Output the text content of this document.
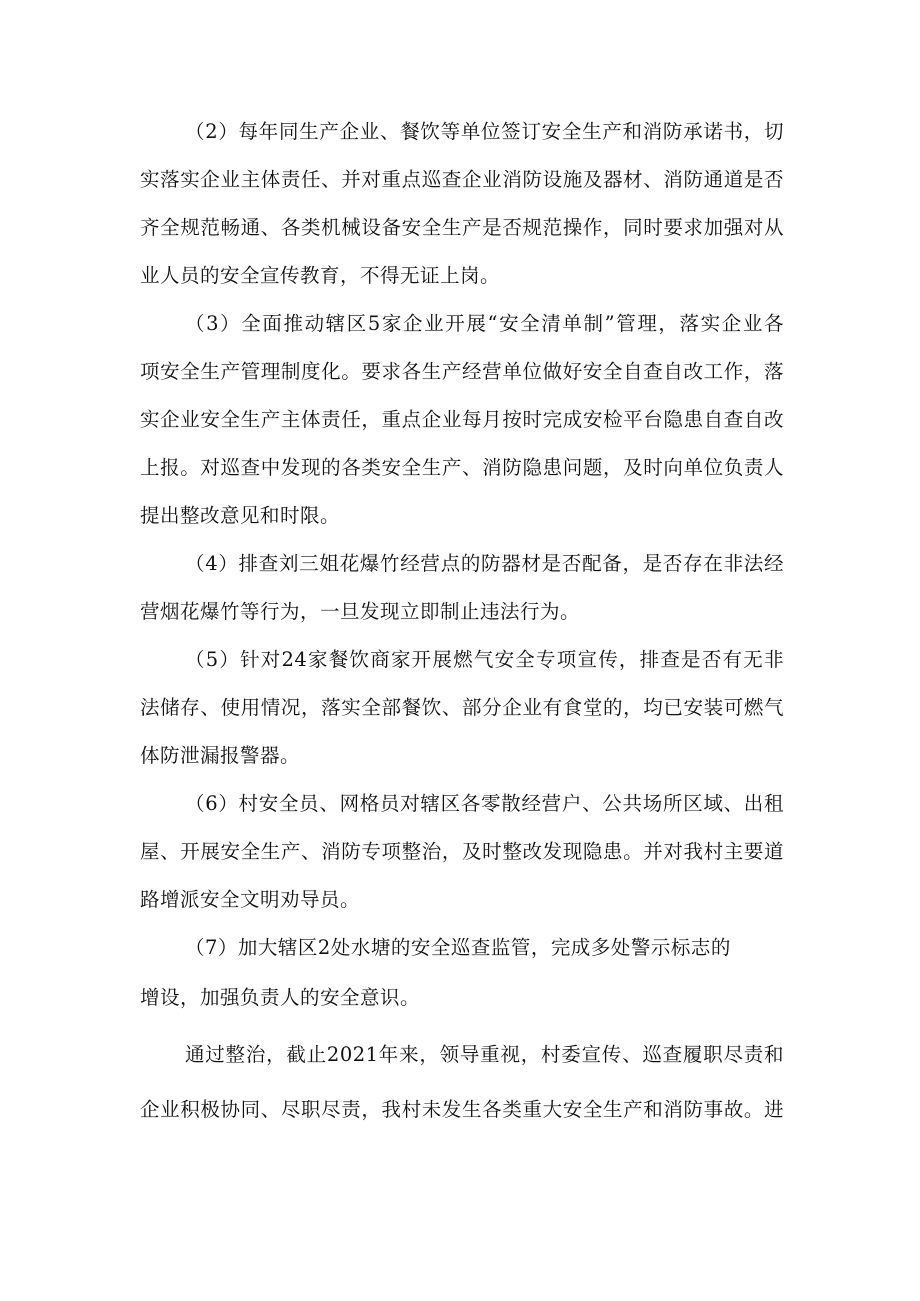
（2）每年同生产企业、餐饮等单位签订安全生产和消防承诺书，切
实落实企业主体责任、并对重点巡查企业消防设施及器材、消防通道是否
齐全规范畅通、各类机械设备安全生产是否规范操作，同时要求加强对从
业人员的安全宣传教育，不得无证上岗。
（3）全面推动辖区5家企业开展“安全清单制”管理，落实企业各
项安全生产管理制度化。要求各生产经营单位做好安全自查自改工作，落
实企业安全生产主体责任，重点企业每月按时完成安检平台隐患自查自改
上报。对巡查中发现的各类安全生产、消防隐患问题，及时向单位负责人
提出整改意见和时限。
（4）排查刘三姐花爆竹经营点的防器材是否配备，是否存在非法经
营烟花爆竹等行为，一旦发现立即制止违法行为。
（5）针对24家餐饮商家开展燃气安全专项宣传，排查是否有无非
法储存、使用情况，落实全部餐饮、部分企业有食堂的，均已安装可燃气
体防泄漏报警器。
（6）村安全员、网格员对辖区各零散经营户、公共场所区域、出租
屋、开展安全生产、消防专项整治，及时整改发现隐患。并对我村主要道
路增派安全文明劝导员。
（7）加大辖区2处水塘的安全巡查监管，完成多处警示标志的
增设，加强负责人的安全意识。
通过整治，截止2021年来，领导重视，村委宣传、巡查履职尽责和
企业积极协同、尽职尽责，我村未发生各类重大安全生产和消防事故。进
